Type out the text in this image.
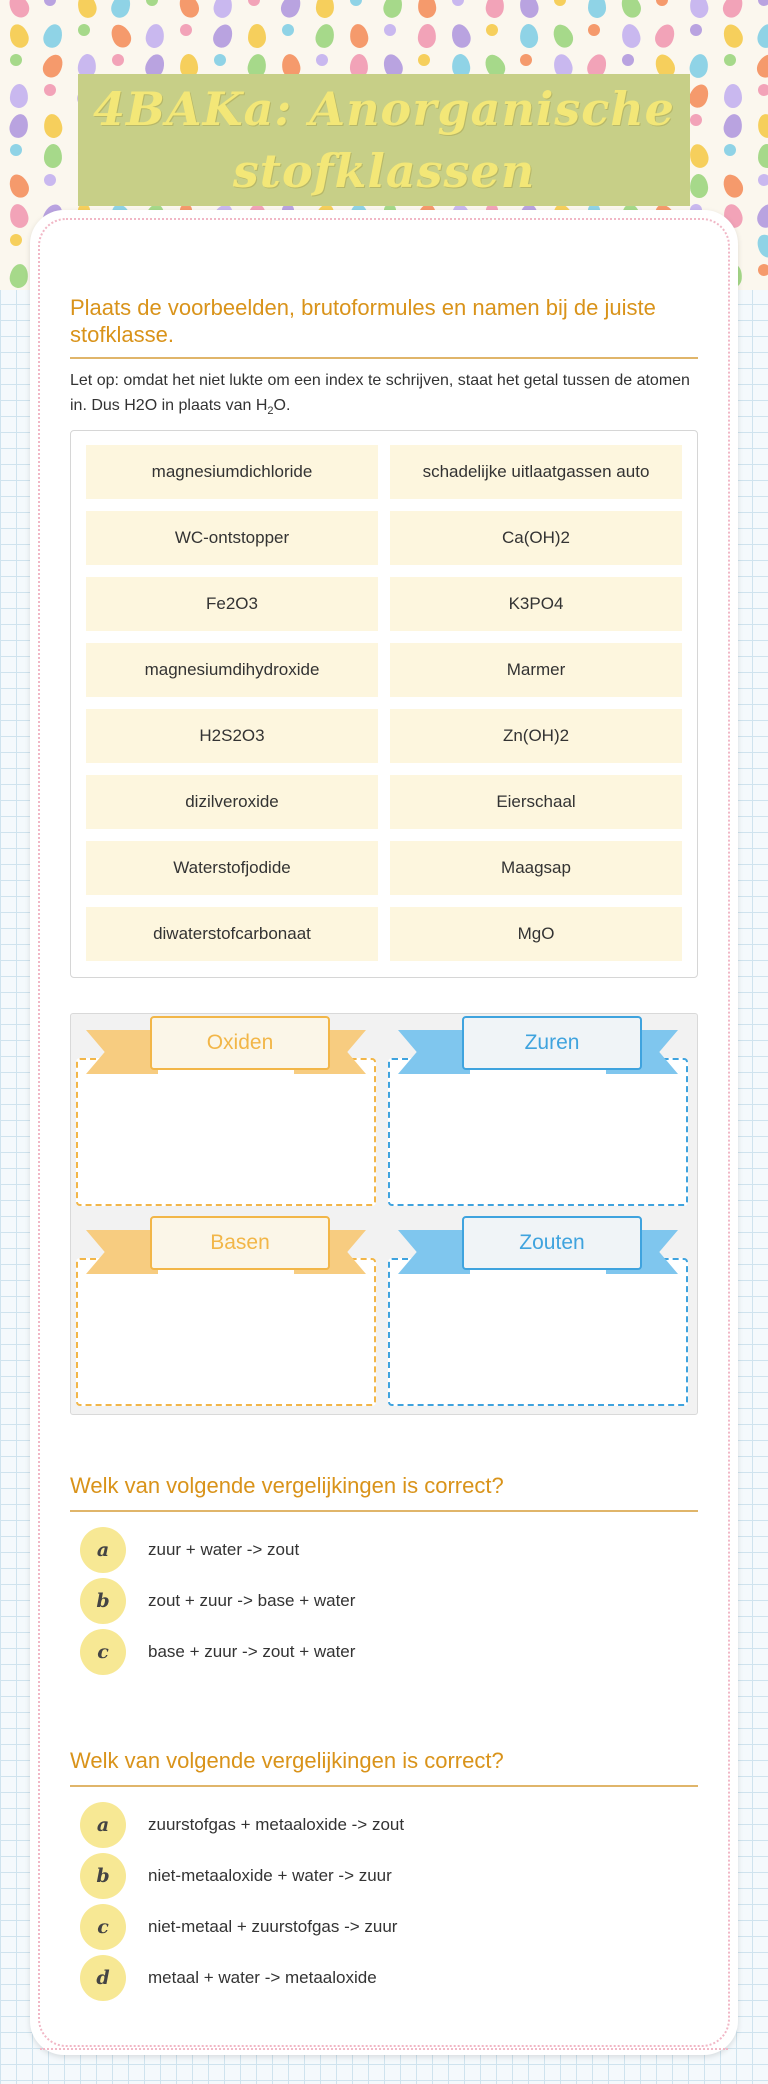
4BAKa: Anorganische stofklassen
Plaats de voorbeelden, brutoformules en namen bij de juiste stofklasse.
Let op: omdat het niet lukte om een index te schrijven, staat het getal tussen de atomen in. Dus H2O in plaats van $H_2O$.
magnesiumdichloride	schadelijke uitlaatgassen auto
WC-ontstopper	Ca(OH)2
Fe2O3	K3PO4
magnesiumdihydroxide	Marmer
H2S2O3	Zn(OH)2
dizilveroxide	Eierschaal
Waterstofjodide	Maagsap
diwaterstofcarbonaat	MgO
Oxiden	Zuren
Basen	Zouten
Welk van volgende vergelijkingen is correct?
a	zuur + water -> zout
b	zout + zuur -> base + water
c	base + zuur -> zout + water
Welk van volgende vergelijkingen is correct?
a	zuurstofgas + metaaloxide -> zout
b	niet-metaaloxide + water -> zuur
c	niet-metaal + zuurstofgas -> zuur
d	metaal + water -> metaaloxide
